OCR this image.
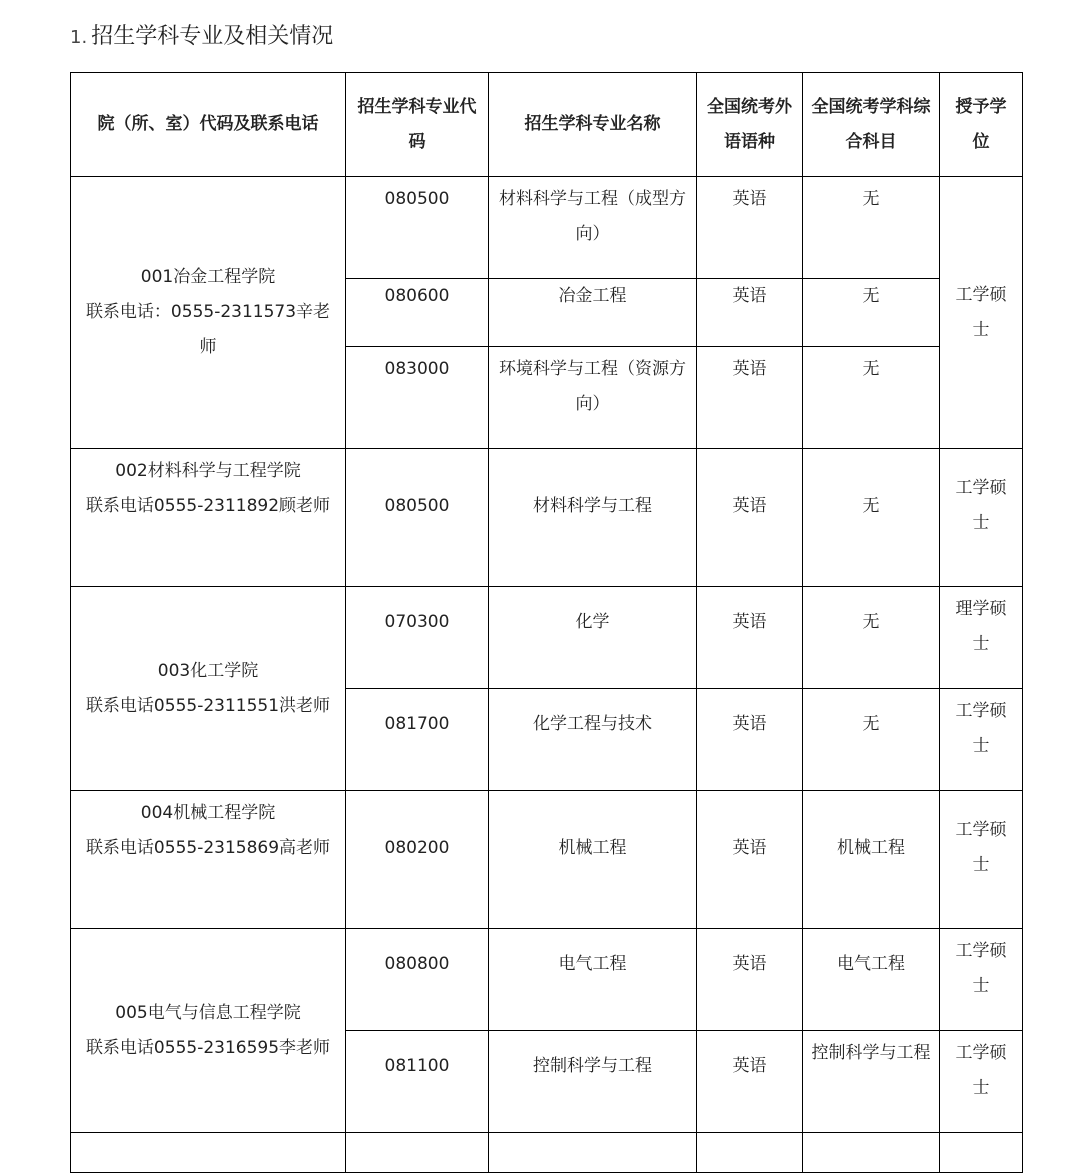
1. 招生学科专业及相关情况
院（所、室）代码及联系电话	招生学科专业代码	招生学科专业名称	全国统考外语语种	全国统考学科综合科目	授予学位

001冶金工程学院
联系电话：0555-2311573辛老师	080500	材料科学与工程（成型方向）	英语	无	工学硕士
	080600	冶金工程	英语	无	
	083000	环境科学与工程（资源方向）	英语	无	

002材料科学与工程学院
联系电话0555-2311892顾老师	080500	材料科学与工程	英语	无	工学硕士

003化工学院
联系电话0555-2311551洪老师	070300	化学	英语	无	理学硕士
	081700	化学工程与技术	英语	无	工学硕士

004机械工程学院
联系电话0555-2315869高老师	080200	机械工程	英语	机械工程	工学硕士

005电气与信息工程学院
联系电话0555-2316595李老师	080800	电气工程	英语	电气工程	工学硕士
	081100	控制科学与工程	英语	控制科学与工程	工学硕士
